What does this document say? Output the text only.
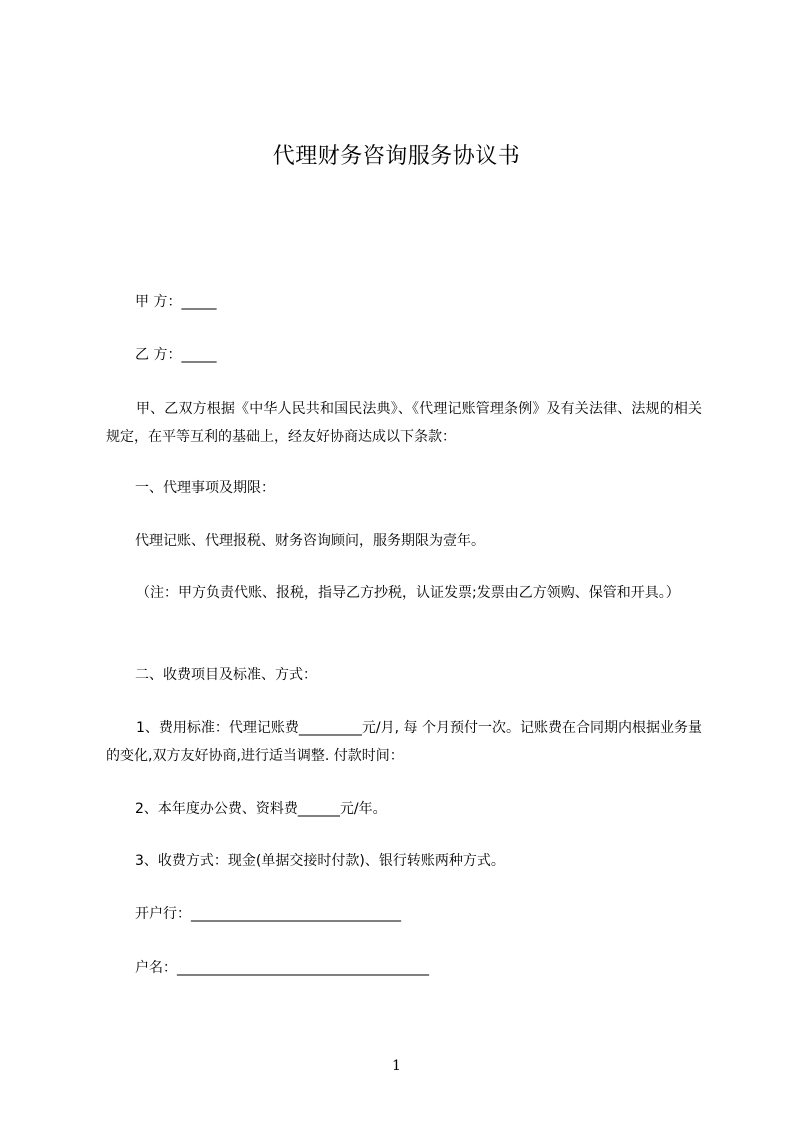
代理财务咨询服务协议书
甲 方：_____
乙 方：_____
甲、乙双方根据《中华人民共和国民法典》、《代理记账管理条例》及有关法律、法规的相关规定，在平等互利的基础上，经友好协商达成以下条款：
一、代理事项及期限：
代理记账、代理报税、财务咨询顾问，服务期限为壹年。
（注：甲方负责代账、报税，指导乙方抄税，认证发票;发票由乙方领购、保管和开具。）
二、收费项目及标准、方式：
1、费用标准：代理记账费_________元/月, 每 个月预付一次。记账费在合同期内根据业务量的变化,双方友好协商,进行适当调整. 付款时间：
2、本年度办公费、资料费______元/年。
3、收费方式：现金(单据交接时付款)、银行转账两种方式。
开户行：______________________________
户名：____________________________________
1
